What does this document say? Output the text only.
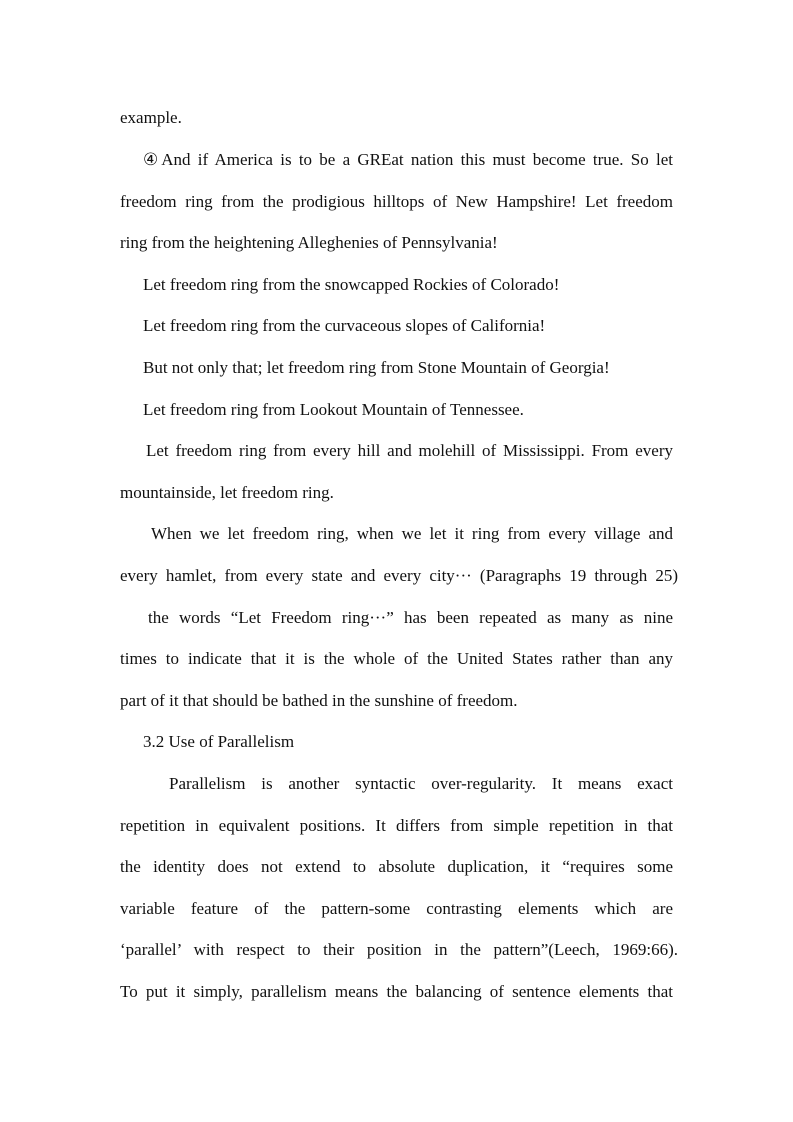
example.
④And if America is to be a GREat nation this must become true. So let
freedom ring from the prodigious hilltops of New Hampshire! Let freedom
ring from the heightening Alleghenies of Pennsylvania!
Let freedom ring from the snowcapped Rockies of Colorado!
Let freedom ring from the curvaceous slopes of California!
But not only that; let freedom ring from Stone Mountain of Georgia!
Let freedom ring from Lookout Mountain of Tennessee.
Let freedom ring from every hill and molehill of Mississippi. From every
mountainside, let freedom ring.
When we let freedom ring, when we let it ring from every village and
every hamlet, from every state and every city··· (Paragraphs 19 through 25)
the words “Let Freedom ring···” has been repeated as many as nine
times to indicate that it is the whole of the United States rather than any
part of it that should be bathed in the sunshine of freedom.
3.2 Use of Parallelism
Parallelism is another syntactic over-regularity. It means exact
repetition in equivalent positions. It differs from simple repetition in that
the identity does not extend to absolute duplication, it “requires some
variable feature of the pattern-some contrasting elements which are
‘parallel’ with respect to their position in the pattern”(Leech, 1969:66).
To put it simply, parallelism means the balancing of sentence elements that
